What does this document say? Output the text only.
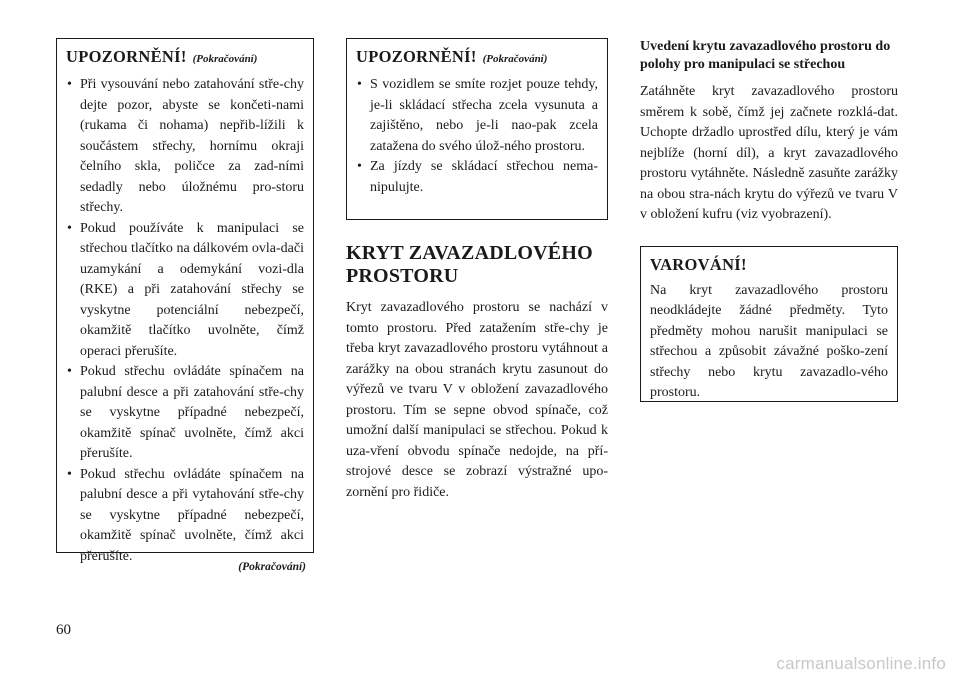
UPOZORNĚNÍ! (Pokračování)
• Při vysouvání nebo zatahování stře-chy dejte pozor, abyste se končeti-nami (rukama či nohama) nepřib-lížili k součástem střechy, hornímu okraji čelního skla, poličce za zad-ními sedadly nebo úložnému pro-storu střechy.
• Pokud používáte k manipulaci se střechou tlačítko na dálkovém ovla-dači uzamykání a odemykání vozi-dla (RKE) a při zatahování střechy se vyskytne potenciální nebezpečí, okamžitě tlačítko uvolněte, čímž operaci přerušíte.
• Pokud střechu ovládáte spínačem na palubní desce a při zatahování stře-chy se vyskytne případné nebezpečí, okamžitě spínač uvolněte, čímž akci přerušíte.
• Pokud střechu ovládáte spínačem na palubní desce a při vytahování stře-chy se vyskytne případné nebezpečí, okamžitě spínač uvolněte, čímž akci přerušíte.
(Pokračování)
UPOZORNĚNÍ! (Pokračování)
• S vozidlem se smíte rozjet pouze tehdy, je-li skládací střecha zcela vysunuta a zajištěno, nebo je-li nao-pak zcela zatažena do svého úlož-ného prostoru.
• Za jízdy se skládací střechou nema-nipulujte.
KRYT ZAVAZADLOVÉHO PROSTORU

Kryt zavazadlového prostoru se nachází v tomto prostoru. Před zatažením stře-chy je třeba kryt zavazadlového prostoru vytáhnout a zarážky na obou stranách krytu zasunout do výřezů ve tvaru V v obložení zavazadlového prostoru. Tím se sepne obvod spínače, což umožní další manipulaci se střechou. Pokud k uza-vření obvodu spínače nedojde, na pří-strojové desce se zobrazí výstražné upo-zornění pro řidiče.

Uvedení krytu zavazadlového prostoru do polohy pro manipulaci se střechou

Zatáhněte kryt zavazadlového prostoru směrem k sobě, čímž jej začnete rozklá-dat. Uchopte držadlo uprostřed dílu, který je vám nejblíže (horní díl), a kryt zavazadlového prostoru vytáhněte. Následně zasuňte zarážky na obou stra-nách krytu do výřezů ve tvaru V v obložení kufru (viz vyobrazení).

VAROVÁNÍ!

Na kryt zavazadlového prostoru neodkládejte žádné předměty. Tyto předměty mohou narušit manipulaci se střechou a způsobit závažné poško-zení střechy nebo krytu zavazadlo-vého prostoru.

60
carmanualsonline.info
